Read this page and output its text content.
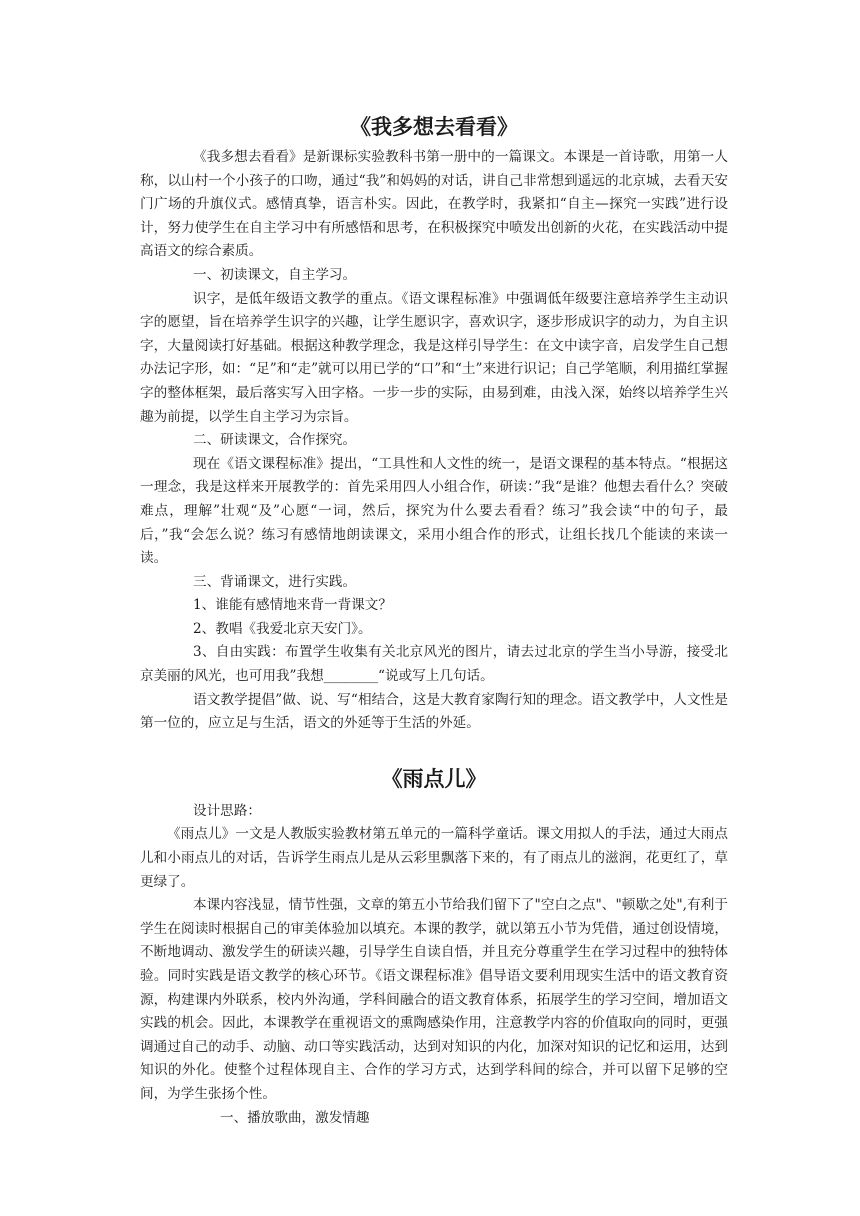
《我多想去看看》

《我多想去看看》是新课标实验教科书第一册中的一篇课文。本课是一首诗歌，用第一人称，以山村一个小孩子的口吻，通过“我”和妈妈的对话，讲自己非常想到遥远的北京城，去看天安门广场的升旗仪式。感情真挚，语言朴实。因此，在教学时，我紧扣“自主—探究一实践”进行设计，努力使学生在自主学习中有所感悟和思考，在积极探究中喷发出创新的火花，在实践活动中提高语文的综合素质。

一、初读课文，自主学习。

识字，是低年级语文教学的重点。《语文课程标准》中强调低年级要注意培养学生主动识字的愿望，旨在培养学生识字的兴趣，让学生愿识字，喜欢识字，逐步形成识字的动力，为自主识字，大量阅读打好基础。根据这种教学理念，我是这样引导学生：在文中读字音，启发学生自己想办法记字形，如：“足”和“走”就可以用已学的“口”和“土”来进行识记；自己学笔顺，利用描红掌握字的整体框架，最后落实写入田字格。一步一步的实际，由易到难，由浅入深，始终以培养学生兴趣为前提，以学生自主学习为宗旨。

二、研读课文，合作探究。

现在《语文课程标准》提出，“工具性和人文性的统一，是语文课程的基本特点。“根据这一理念，我是这样来开展教学的：首先采用四人小组合作，研读：”我“是谁？他想去看什么？突破难点，理解”壮观“及”心愿“一词，然后，探究为什么要去看看？练习”我会读“中的句子，最后，”我“会怎么说？练习有感情地朗读课文，采用小组合作的形式，让组长找几个能读的来读一读。

三、背诵课文，进行实践。

1、谁能有感情地来背一背课文？

2、教唱《我爱北京天安门》。

3、自由实践：布置学生收集有关北京风光的图片，请去过北京的学生当小导游，接受北京美丽的风光，也可用我”我想________“说或写上几句话。

语文教学提倡”做、说、写“相结合，这是大教育家陶行知的理念。语文教学中，人文性是第一位的，应立足与生活，语文的外延等于生活的外延。

《雨点儿》

设计思路：

《雨点儿》一文是人教版实验教材第五单元的一篇科学童话。课文用拟人的手法，通过大雨点儿和小雨点儿的对话，告诉学生雨点儿是从云彩里飘落下来的，有了雨点儿的滋润，花更红了，草更绿了。

本课内容浅显，情节性强，文章的第五小节给我们留下了"空白之点"、"顿歇之处",有利于学生在阅读时根据自己的审美体验加以填充。本课的教学，就以第五小节为凭借，通过创设情境，不断地调动、激发学生的研读兴趣，引导学生自读自悟，并且充分尊重学生在学习过程中的独特体验。同时实践是语文教学的核心环节。《语文课程标准》倡导语文要利用现实生活中的语文教育资源，构建课内外联系，校内外沟通，学科间融合的语文教育体系，拓展学生的学习空间，增加语文实践的机会。因此，本课教学在重视语文的熏陶感染作用，注意教学内容的价值取向的同时，更强调通过自己的动手、动脑、动口等实践活动，达到对知识的内化，加深对知识的记忆和运用，达到知识的外化。使整个过程体现自主、合作的学习方式，达到学科间的综合，并可以留下足够的空间，为学生张扬个性。

一、播放歌曲，激发情趣
